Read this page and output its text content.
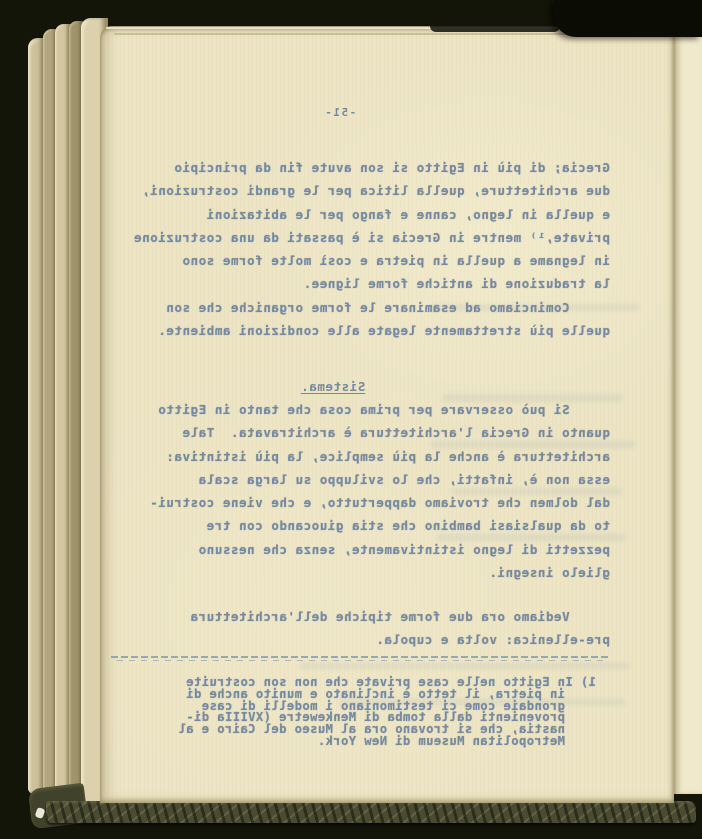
-51-
Grecia; di più in Egitto si son avute fin da principio
due architetture, quella litica per le grandi costruzioni,
e quella in legno, canne e fango per le abitazioni
private,¹⁾ mentre in Grecia si è passati da una costruzione
in legname a quella in pietra e così molte forme sono
la traduzione di antiche forme lignee.
Cominciamo ad esaminare le forme organiche che son
quelle più strettamente legate alle condizioni ambiente.
Sistema.
Si può osservare per prima cosa che tanto in Egitto
quanto in Grecia l'architettura è architravata.  Tale
architettura è anche la più semplice, la più istintiva:
essa non è, infatti, che lo sviluppo su larga scala
dal dolmen che troviamo dappertutto, e che viene costrui-
to da qualsiasi bambino che stia giuocando con tre
pezzetti di legno istintivamente, senza che nessuno
glielo insegni.
Vediamo ora due forme tipiche dell'architettura
pre-ellenica: volta e cupola.
1) In Egitto nelle case private che non son costruite
in pietra, il tetto è inclinato e munito anche di
grondaie come ci testimoniano i modelli di case
provenienti dalla tomba di Menkewetre (XVIIIa di-
nastia, che si trovano ora al Museo del Cairo e al
Metropolitan Museum di New York.
